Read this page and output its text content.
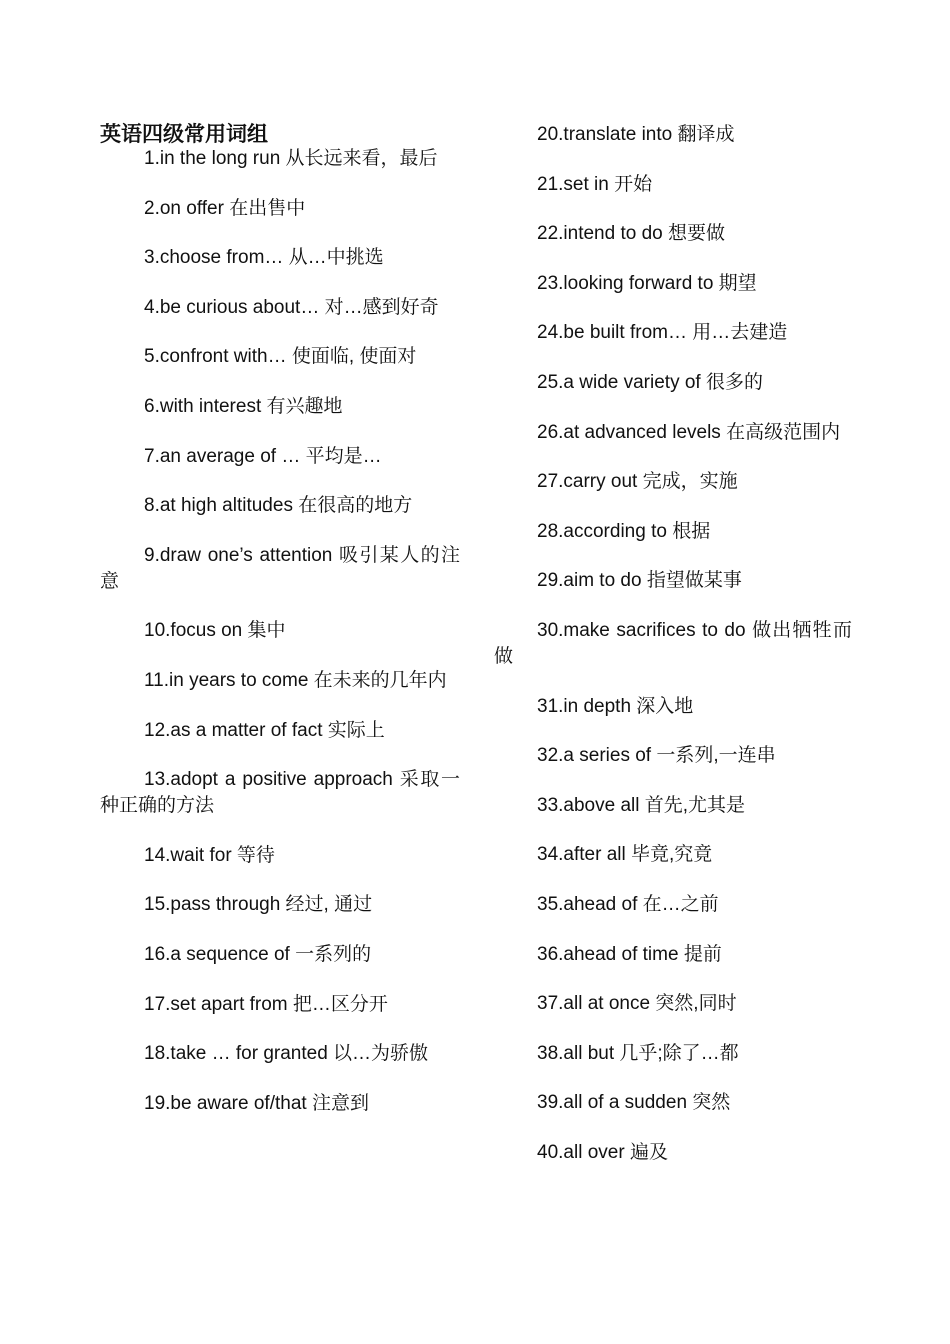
英语四级常用词组

1.in the long run 从长远来看，最后

2.on offer 在出售中

3.choose from… 从…中挑选

4.be curious about… 对…感到好奇

5.confront with… 使面临, 使面对

6.with interest 有兴趣地

7.an average of … 平均是…

8.at high altitudes 在很高的地方

9.draw one’s attention 吸引某人的注意

10.focus on 集中

11.in years to come 在未来的几年内

12.as a matter of fact 实际上

13.adopt a positive approach 采取一种正确的方法

14.wait for 等待

15.pass through 经过, 通过

16.a sequence of 一系列的

17.set apart from 把…区分开

18.take … for granted 以…为骄傲

19.be aware of/that 注意到

20.translate into 翻译成

21.set in 开始

22.intend to do 想要做

23.looking forward to 期望

24.be built from… 用…去建造

25.a wide variety of 很多的

26.at advanced levels 在高级范围内

27.carry out 完成，实施

28.according to 根据

29.aim to do 指望做某事

30.make sacrifices to do 做出牺牲而做

31.in depth 深入地

32.a series of 一系列,一连串

33.above all 首先,尤其是

34.after all 毕竟,究竟

35.ahead of 在…之前

36.ahead of time 提前

37.all at once 突然,同时

38.all but 几乎;除了…都

39.all of a sudden 突然

40.all over 遍及
